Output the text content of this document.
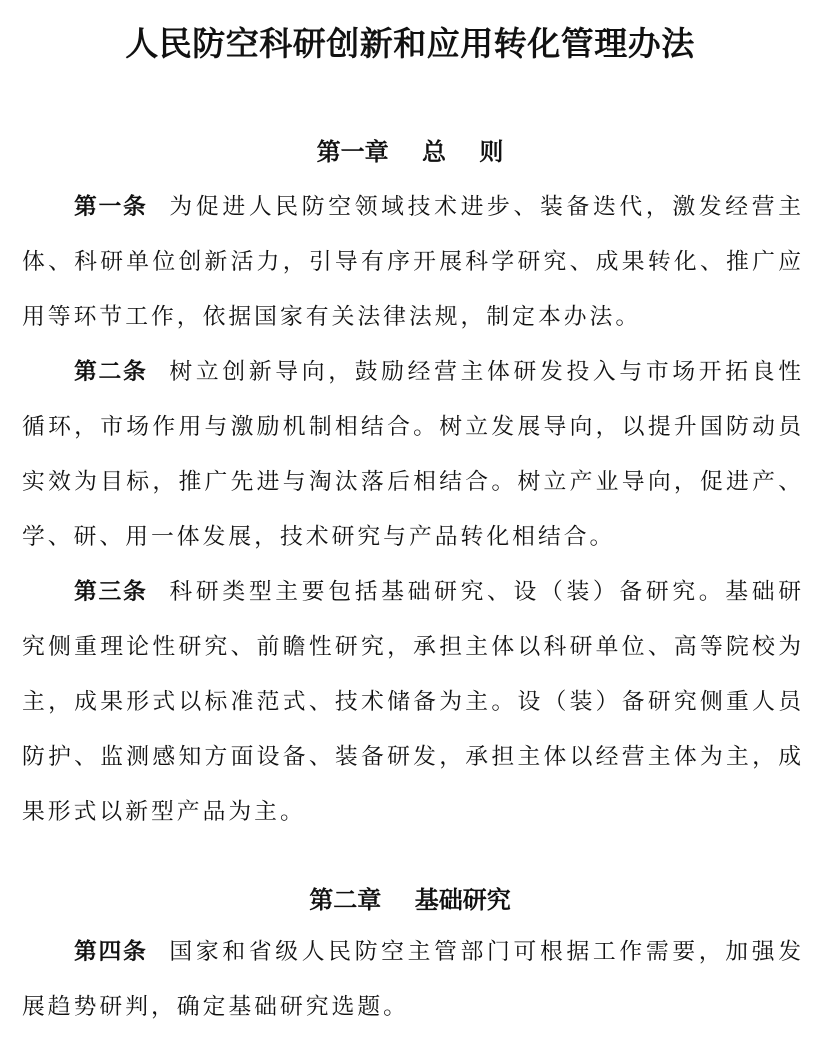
人民防空科研创新和应用转化管理办法
第一章    总    则

第一条 为促进人民防空领域技术进步、装备迭代，激发经营主体、科研单位创新活力，引导有序开展科学研究、成果转化、推广应用等环节工作，依据国家有关法律法规，制定本办法。

第二条 树立创新导向，鼓励经营主体研发投入与市场开拓良性循环，市场作用与激励机制相结合。树立发展导向，以提升国防动员实效为目标，推广先进与淘汰落后相结合。树立产业导向，促进产、学、研、用一体发展，技术研究与产品转化相结合。

第三条 科研类型主要包括基础研究、设（装）备研究。基础研究侧重理论性研究、前瞻性研究，承担主体以科研单位、高等院校为主，成果形式以标准范式、技术储备为主。设（装）备研究侧重人员防护、监测感知方面设备、装备研发，承担主体以经营主体为主，成果形式以新型产品为主。

第二章    基础研究

第四条 国家和省级人民防空主管部门可根据工作需要，加强发展趋势研判，确定基础研究选题。
